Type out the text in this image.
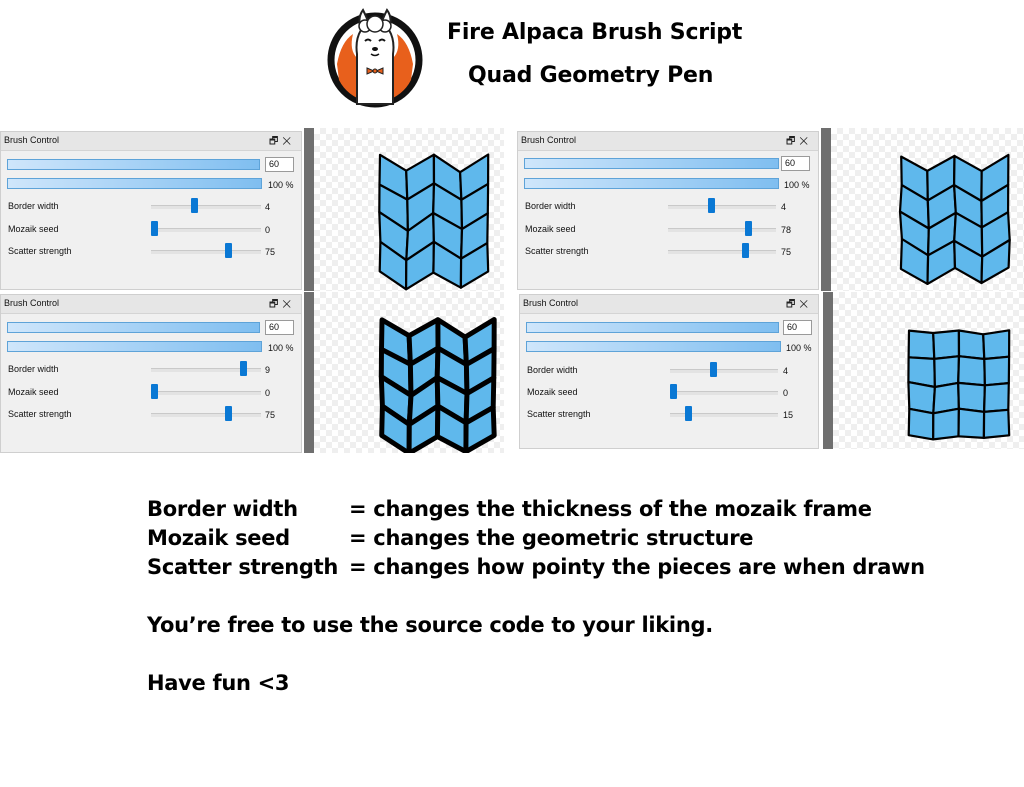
Fire Alpaca Brush Script
Quad Geometry Pen
Brush Control	🗗✕
60
100 %
Border width	4
Mozaik seed	0
Scatter strength	75
Brush Control	🗗✕
60
100 %
Border width	4
Mozaik seed	78
Scatter strength	75
Brush Control	🗗✕
60
100 %
Border width	9
Mozaik seed	0
Scatter strength	75
Brush Control	🗗✕
60
100 %
Border width	4
Mozaik seed	0
Scatter strength	15
Border width = changes the thickness of the mozaik frame
Mozaik seed	= changes the geometric structure
Scatter strength = changes how pointy the pieces are when drawn
You’re free to use the source code to your liking.
Have fun <3
